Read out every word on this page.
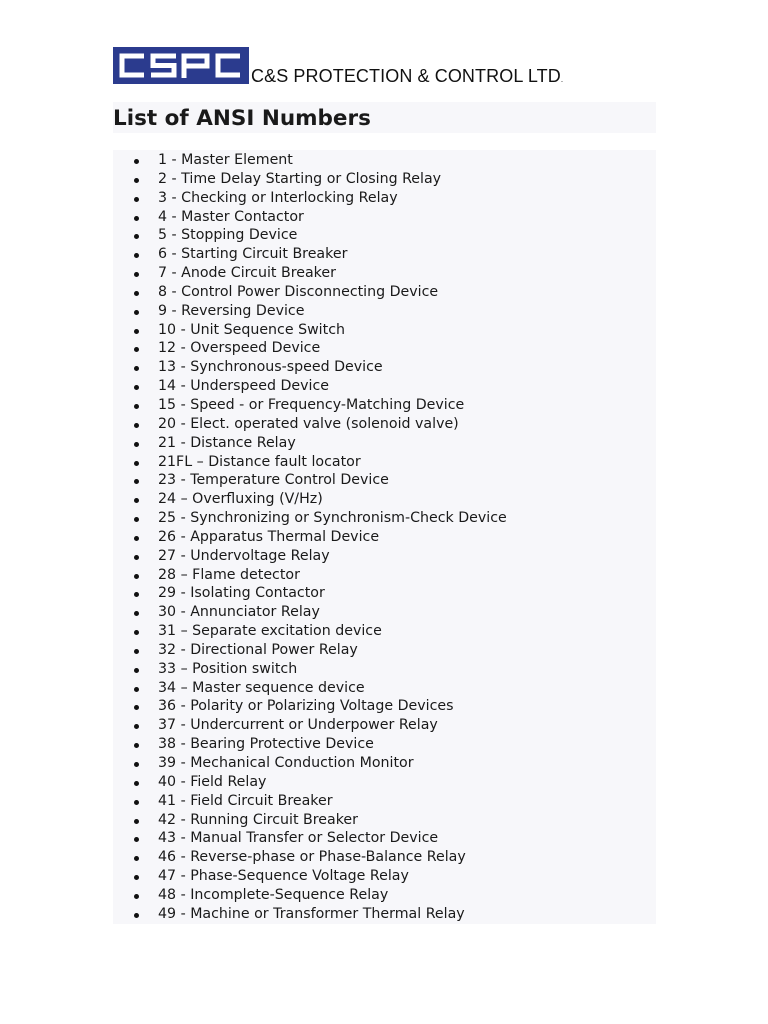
C&S PROTECTION & CONTROL LTD.
List of ANSI Numbers
1 - Master Element
2 - Time Delay Starting or Closing Relay
3 - Checking or Interlocking Relay
4 - Master Contactor
5 - Stopping Device
6 - Starting Circuit Breaker
7 - Anode Circuit Breaker
8 - Control Power Disconnecting Device
9 - Reversing Device
10 - Unit Sequence Switch
12 - Overspeed Device
13 - Synchronous-speed Device
14 - Underspeed Device
15 - Speed - or Frequency-Matching Device
20 - Elect. operated valve (solenoid valve)
21 - Distance Relay
21FL – Distance fault locator
23 - Temperature Control Device
24 – Overfluxing (V/Hz)
25 - Synchronizing or Synchronism-Check Device
26 - Apparatus Thermal Device
27 - Undervoltage Relay
28 – Flame detector
29 - Isolating Contactor
30 - Annunciator Relay
31 – Separate excitation device
32 - Directional Power Relay
33 – Position switch
34 – Master sequence device
36 - Polarity or Polarizing Voltage Devices
37 - Undercurrent or Underpower Relay
38 - Bearing Protective Device
39 - Mechanical Conduction Monitor
40 - Field Relay
41 - Field Circuit Breaker
42 - Running Circuit Breaker
43 - Manual Transfer or Selector Device
46 - Reverse-phase or Phase-Balance Relay
47 - Phase-Sequence Voltage Relay
48 - Incomplete-Sequence Relay
49 - Machine or Transformer Thermal Relay
